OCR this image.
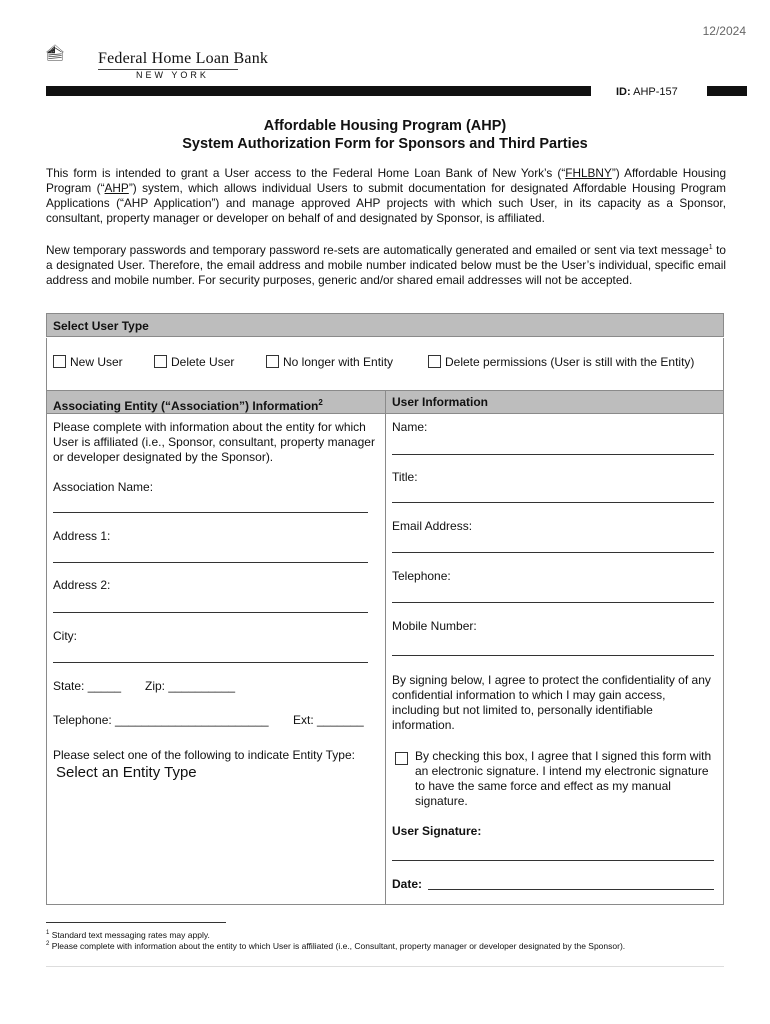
12/2024
Federal Home Loan Bank
NEW YORK
ID: AHP-157
Affordable Housing Program (AHP)
System Authorization Form for Sponsors and Third Parties
This form is intended to grant a User access to the Federal Home Loan Bank of New York’s (“FHLBNY”) Affordable Housing Program (“AHP”) system, which allows individual Users to submit documentation for designated Affordable Housing Program Applications (“AHP Application”) and manage approved AHP projects with which such User, in its capacity as a Sponsor, consultant, property manager or developer on behalf of and designated by Sponsor, is affiliated.
New temporary passwords and temporary password re-sets are automatically generated and emailed or sent via text message$^1$ to a designated User. Therefore, the email address and mobile number indicated below must be the User’s individual, specific email address and mobile number. For security purposes, generic and/or shared email addresses will not be accepted.
Select User Type
New User	Delete User	No longer with Entity	Delete permissions (User is still with the Entity)
Associating Entity (“Association”) Information$^2$	User Information
Please complete with information about the entity for which User is affiliated (i.e., Sponsor, consultant, property manager or developer designated by the Sponsor).
Association Name:
Address 1:
Address 2:
City:
State: _____ Zip: __________
Telephone: _______________________ Ext: _______
Please select one of the following to indicate Entity Type:
Select an Entity Type
Name:
Title:
Email Address:
Telephone:
Mobile Number:
By signing below, I agree to protect the confidentiality of any confidential information to which I may gain access, including but not limited to, personally identifiable information.
By checking this box, I agree that I signed this form with an electronic signature. I intend my electronic signature to have the same force and effect as my manual signature.
User Signature:
Date:
$^1$ Standard text messaging rates may apply.
$^2$ Please complete with information about the entity to which User is affiliated (i.e., Consultant, property manager or developer designated by the Sponsor).
